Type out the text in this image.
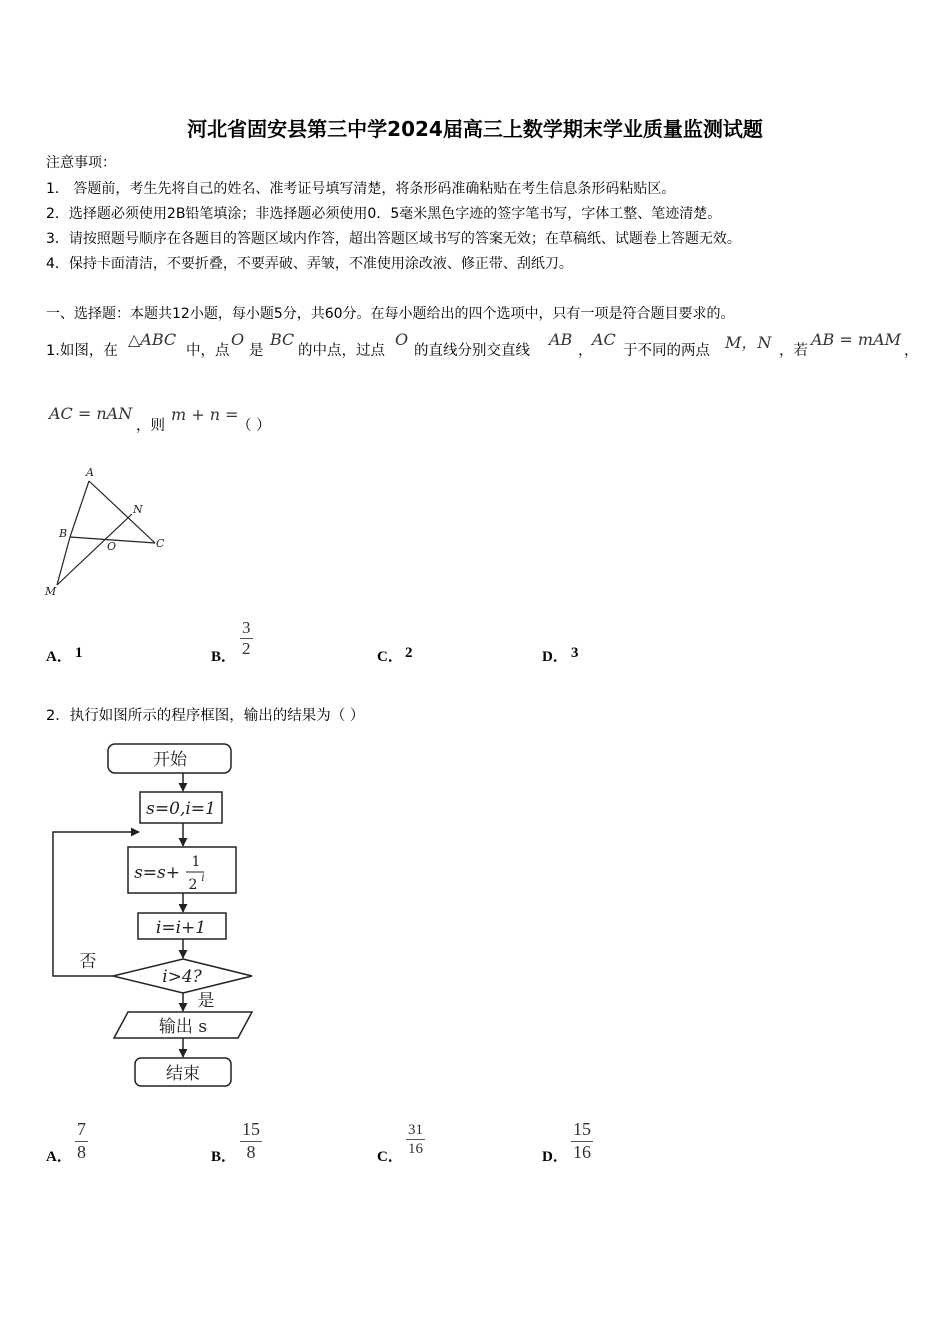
河北省固安县第三中学2024届高三上数学期末学业质量监测试题
注意事项：
1． 答题前，考生先将自己的姓名、准考证号填写清楚，将条形码准确粘贴在考生信息条形码粘贴区。
2．选择题必须使用2B铅笔填涂；非选择题必须使用0．5毫米黑色字迹的签字笔书写，字体工整、笔迹清楚。
3．请按照题号顺序在各题目的答题区域内作答，超出答题区域书写的答案无效；在草稿纸、试题卷上答题无效。
4．保持卡面清洁，不要折叠，不要弄破、弄皱，不准使用涂改液、修正带、刮纸刀。
一、选择题：本题共12小题，每小题5分，共60分。在每小题给出的四个选项中，只有一项是符合题目要求的。
1.如图，在
△ABC
中，点
O
是
BC
的中点，过点
O
的直线分别交直线
AB
，
AC
于不同的两点 M，N ，若
AB = mAM
，
AC = nAN
，则
m + n =
（ ）
A
B
C
N
O
M
A． 1	B． $\frac{3}{2}$	C． 2	D． 3
2．执行如图所示的程序框图，输出的结果为（ ）
开始
s=0,i=1
s=s+
1
2 i
i=i+1
i>4?
否
是
输出 s
结束
A． $\frac{7}{8}$	B． $\frac{15}{8}$	C． $\frac{31}{16}$	D． $\frac{15}{16}$
